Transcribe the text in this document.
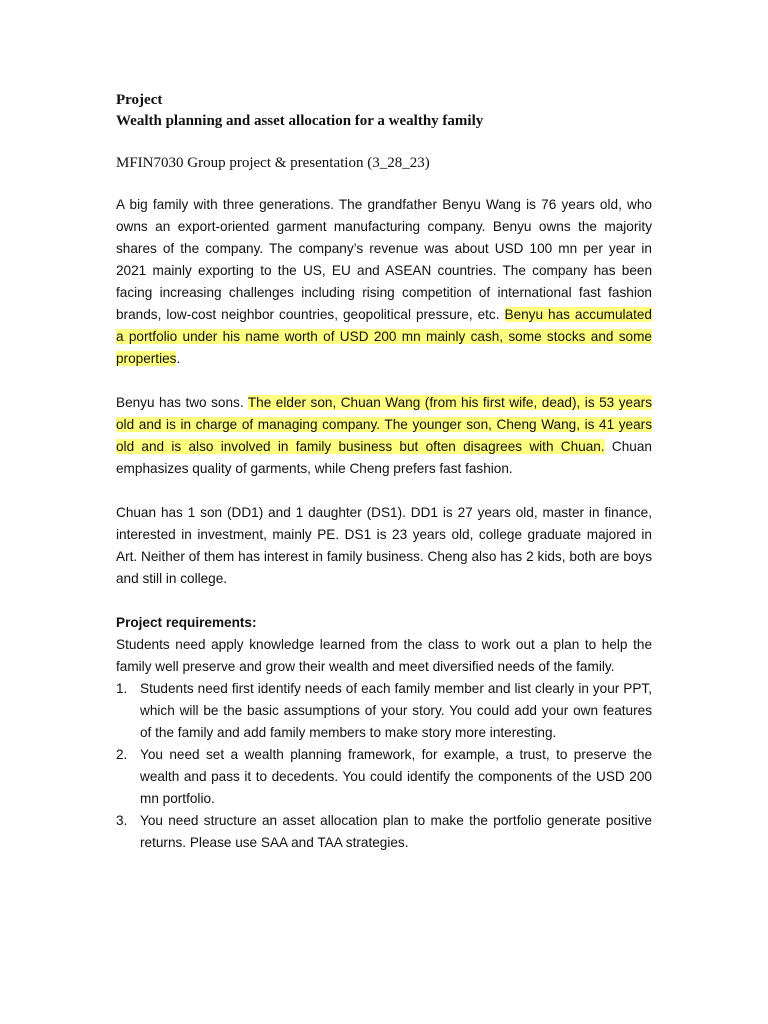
Project

Wealth planning and asset allocation for a wealthy family

MFIN7030 Group project & presentation (3_28_23)

A big family with three generations. The grandfather Benyu Wang is 76 years old, who owns an export-oriented garment manufacturing company. Benyu owns the majority shares of the company. The company’s revenue was about USD 100 mn per year in 2021 mainly exporting to the US, EU and ASEAN countries. The company has been facing increasing challenges including rising competition of international fast fashion brands, low-cost neighbor countries, geopolitical pressure, etc. Benyu has accumulated a portfolio under his name worth of USD 200 mn mainly cash, some stocks and some properties.

Benyu has two sons. The elder son, Chuan Wang (from his first wife, dead), is 53 years old and is in charge of managing company. The younger son, Cheng Wang, is 41 years old and is also involved in family business but often disagrees with Chuan. Chuan emphasizes quality of garments, while Cheng prefers fast fashion.

Chuan has 1 son (DD1) and 1 daughter (DS1). DD1 is 27 years old, master in finance, interested in investment, mainly PE. DS1 is 23 years old, college graduate majored in Art. Neither of them has interest in family business. Cheng also has 2 kids, both are boys and still in college.

Project requirements:

Students need apply knowledge learned from the class to work out a plan to help the family well preserve and grow their wealth and meet diversified needs of the family.

1. Students need first identify needs of each family member and list clearly in your PPT, which will be the basic assumptions of your story. You could add your own features of the family and add family members to make story more interesting.
2. You need set a wealth planning framework, for example, a trust, to preserve the wealth and pass it to decedents. You could identify the components of the USD 200 mn portfolio.
3. You need structure an asset allocation plan to make the portfolio generate positive returns. Please use SAA and TAA strategies.
